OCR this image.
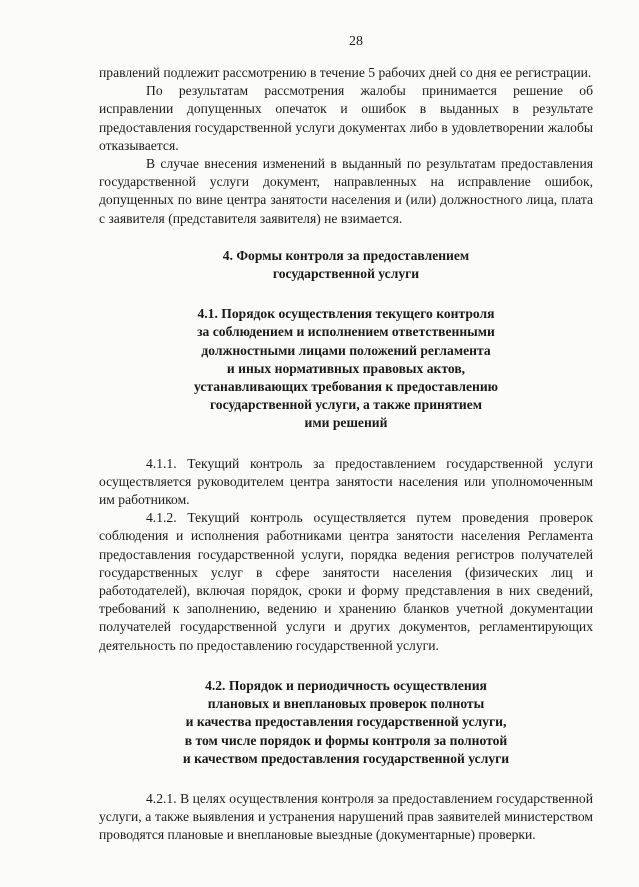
28

правлений подлежит рассмотрению в течение 5 рабочих дней со дня ее регистрации.

По результатам рассмотрения жалобы принимается решение об исправлении допущенных опечаток и ошибок в выданных в результате предоставления государственной услуги документах либо в удовлетворении жалобы отказывается.

В случае внесения изменений в выданный по результатам предоставления государственной услуги документ, направленных на исправление ошибок, допущенных по вине центра занятости населения и (или) должностного лица, плата с заявителя (представителя заявителя) не взимается.

4. Формы контроля за предоставлением
государственной услуги
4.1. Порядок осуществления текущего контроля
за соблюдением и исполнением ответственными
должностными лицами положений регламента
и иных нормативных правовых актов,
устанавливающих требования к предоставлению
государственной услуги, а также принятием
ими решений

4.1.1. Текущий контроль за предоставлением государственной услуги осуществляется руководителем центра занятости населения или уполномоченным им работником.

4.1.2. Текущий контроль осуществляется путем проведения проверок соблюдения и исполнения работниками центра занятости населения Регламента предоставления государственной услуги, порядка ведения регистров получателей государственных услуг в сфере занятости населения (физических лиц и работодателей), включая порядок, сроки и форму представления в них сведений, требований к заполнению, ведению и хранению бланков учетной документации получателей государственной услуги и других документов, регламентирующих деятельность по предоставлению государственной услуги.

4.2. Порядок и периодичность осуществления
плановых и внеплановых проверок полноты
и качества предоставления государственной услуги,
в том числе порядок и формы контроля за полнотой
и качеством предоставления государственной услуги

4.2.1. В целях осуществления контроля за предоставлением государственной услуги, а также выявления и устранения нарушений прав заявителей министерством проводятся плановые и внеплановые выездные (документарные) проверки.
